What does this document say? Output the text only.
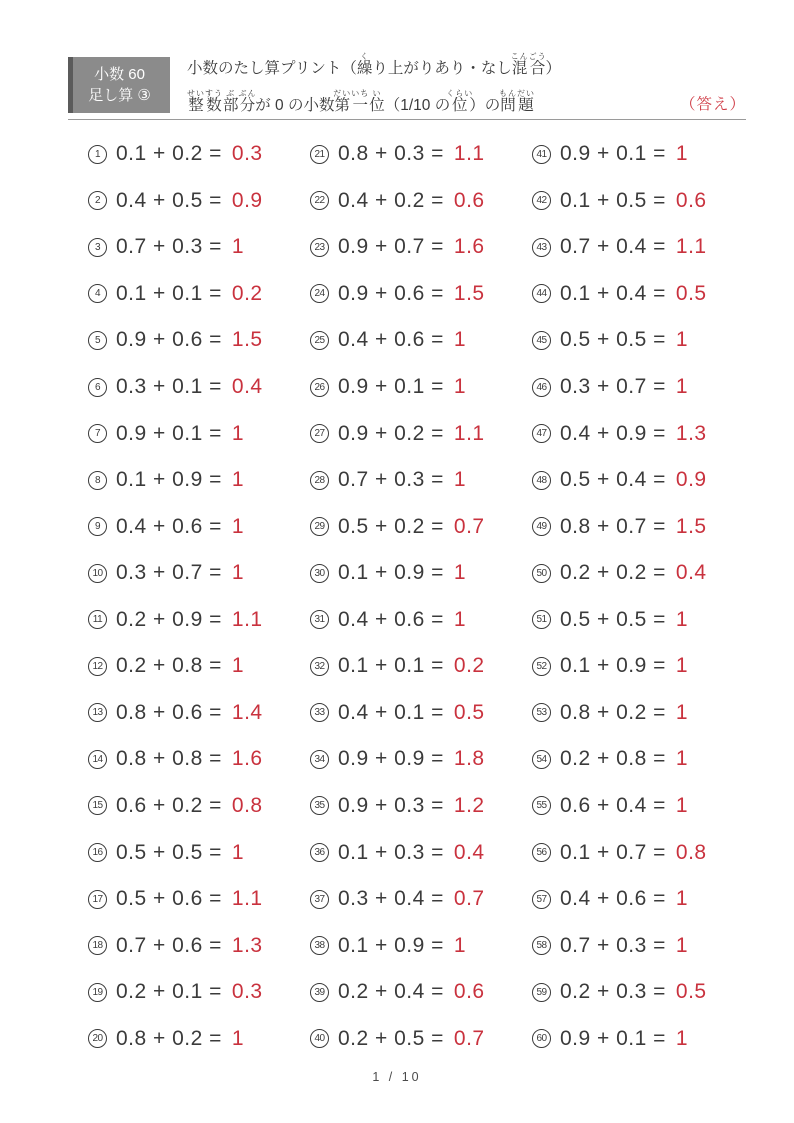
小数 60
足し算 ③
小数のたし算プリント（繰くり上がりあり・なし混合こんごう）
整数せいすう部ぶ分ぶんが 0 の小数第一だいいち位い（1/10 の位くらい）の問題もんだい
（答え）
1 0.1 + 0.2 = 0.3
2 0.4 + 0.5 = 0.9
3 0.7 + 0.3 = 1
4 0.1 + 0.1 = 0.2
5 0.9 + 0.6 = 1.5
6 0.3 + 0.1 = 0.4
7 0.9 + 0.1 = 1
8 0.1 + 0.9 = 1
9 0.4 + 0.6 = 1
10 0.3 + 0.7 = 1
11 0.2 + 0.9 = 1.1
12 0.2 + 0.8 = 1
13 0.8 + 0.6 = 1.4
14 0.8 + 0.8 = 1.6
15 0.6 + 0.2 = 0.8
16 0.5 + 0.5 = 1
17 0.5 + 0.6 = 1.1
18 0.7 + 0.6 = 1.3
19 0.2 + 0.1 = 0.3
20 0.8 + 0.2 = 1
21 0.8 + 0.3 = 1.1
22 0.4 + 0.2 = 0.6
23 0.9 + 0.7 = 1.6
24 0.9 + 0.6 = 1.5
25 0.4 + 0.6 = 1
26 0.9 + 0.1 = 1
27 0.9 + 0.2 = 1.1
28 0.7 + 0.3 = 1
29 0.5 + 0.2 = 0.7
30 0.1 + 0.9 = 1
31 0.4 + 0.6 = 1
32 0.1 + 0.1 = 0.2
33 0.4 + 0.1 = 0.5
34 0.9 + 0.9 = 1.8
35 0.9 + 0.3 = 1.2
36 0.1 + 0.3 = 0.4
37 0.3 + 0.4 = 0.7
38 0.1 + 0.9 = 1
39 0.2 + 0.4 = 0.6
40 0.2 + 0.5 = 0.7
41 0.9 + 0.1 = 1
42 0.1 + 0.5 = 0.6
43 0.7 + 0.4 = 1.1
44 0.1 + 0.4 = 0.5
45 0.5 + 0.5 = 1
46 0.3 + 0.7 = 1
47 0.4 + 0.9 = 1.3
48 0.5 + 0.4 = 0.9
49 0.8 + 0.7 = 1.5
50 0.2 + 0.2 = 0.4
51 0.5 + 0.5 = 1
52 0.1 + 0.9 = 1
53 0.8 + 0.2 = 1
54 0.2 + 0.8 = 1
55 0.6 + 0.4 = 1
56 0.1 + 0.7 = 0.8
57 0.4 + 0.6 = 1
58 0.7 + 0.3 = 1
59 0.2 + 0.3 = 0.5
60 0.9 + 0.1 = 1
1 / 10
